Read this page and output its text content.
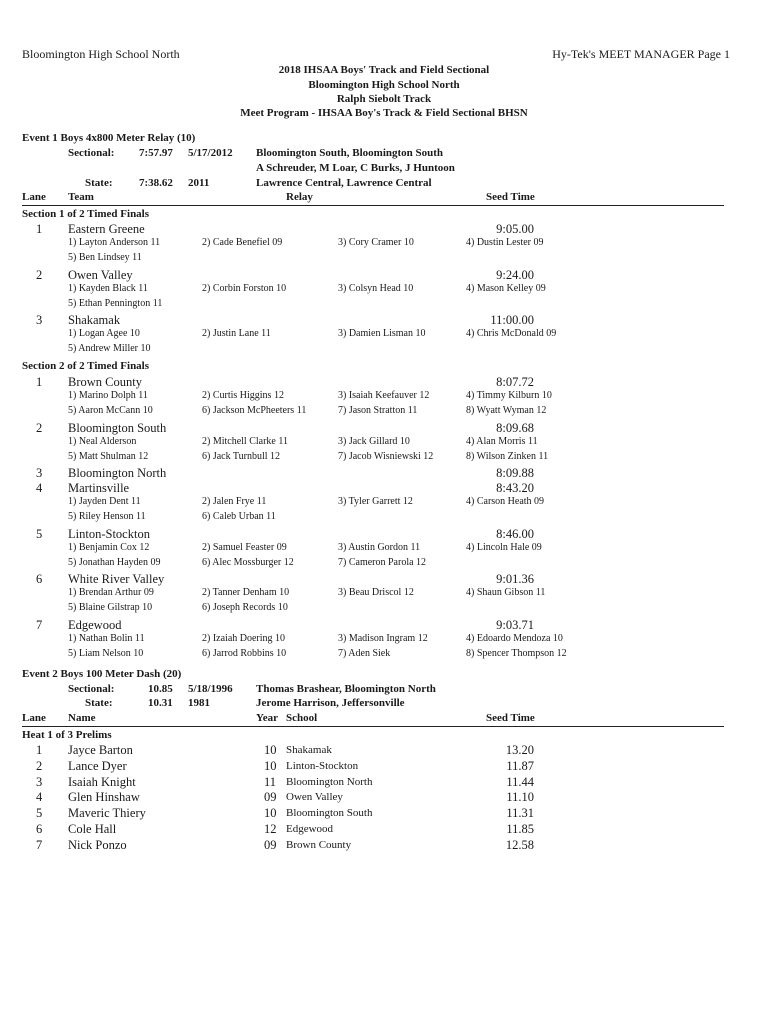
Bloomington High School North	Hy-Tek's MEET MANAGER Page 1
2018 IHSAA Boys' Track and Field Sectional
Bloomington High School North
Ralph Siebolt Track
Meet Program - IHSAA Boy's Track & Field Sectional BHSN
Event 1 Boys 4x800 Meter Relay (10)
Sectional: 7:57.97 5/17/2012 Bloomington South, Bloomington South
A Schreuder, M Loar, C Burks, J Huntoon
State: 7:38.62 2011	Lawrence Central, Lawrence Central
Lane Team	Relay	Seed Time
Section 1 of 2 Timed Finals
1 Eastern Greene	9:05.00
1) Layton Anderson 11	2) Cade Benefiel 09	3) Cory Cramer 10	4) Dustin Lester 09
5) Ben Lindsey 11
2 Owen Valley	9:24.00
1) Kayden Black 11	2) Corbin Forston 10	3) Colsyn Head 10	4) Mason Kelley 09
5) Ethan Pennington 11
3 Shakamak	11:00.00
1) Logan Agee 10	2) Justin Lane 11	3) Damien Lisman 10	4) Chris McDonald 09
5) Andrew Miller 10
Section 2 of 2 Timed Finals
1 Brown County	8:07.72
1) Marino Dolph 11	2) Curtis Higgins 12	3) Isaiah Keefauver 12	4) Timmy Kilburn 10
5) Aaron McCann 10	6) Jackson McPheeters 11	7) Jason Stratton 11	8) Wyatt Wyman 12
2 Bloomington South	8:09.68
1) Neal Alderson	2) Mitchell Clarke 11	3) Jack Gillard 10	4) Alan Morris 11
5) Matt Shulman 12	6) Jack Turnbull 12	7) Jacob Wisniewski 12	8) Wilson Zinken 11
3 Bloomington North	8:09.88
4 Martinsville	8:43.20
1) Jayden Dent 11	2) Jalen Frye 11	3) Tyler Garrett 12	4) Carson Heath 09
5) Riley Henson 11	6) Caleb Urban 11
5 Linton-Stockton	8:46.00
1) Benjamin Cox 12	2) Samuel Feaster 09	3) Austin Gordon 11	4) Lincoln Hale 09
5) Jonathan Hayden 09	6) Alec Mossburger 12	7) Cameron Parola 12
6 White River Valley	9:01.36
1) Brendan Arthur 09	2) Tanner Denham 10	3) Beau Driscol 12	4) Shaun Gibson 11
5) Blaine Gilstrap 10	6) Joseph Records 10
7 Edgewood	9:03.71
1) Nathan Bolin 11	2) Izaiah Doering 10	3) Madison Ingram 12	4) Edoardo Mendoza 10
5) Liam Nelson 10	6) Jarrod Robbins 10	7) Aden Siek	8) Spencer Thompson 12
Event 2 Boys 100 Meter Dash (20)
Sectional:	10.85 5/18/1996 Thomas Brashear, Bloomington North
State:	10.31 1981	Jerome Harrison, Jeffersonville
Lane Name	Year School	Seed Time
Heat 1 of 3 Prelims
1 Jayce Barton	10 Shakamak	13.20
2 Lance Dyer	10 Linton-Stockton	11.87
3 Isaiah Knight	11 Bloomington North	11.44
4 Glen Hinshaw	09 Owen Valley	11.10
5 Maveric Thiery	10 Bloomington South	11.31
6 Cole Hall	12 Edgewood	11.85
7 Nick Ponzo	09 Brown County	12.58
